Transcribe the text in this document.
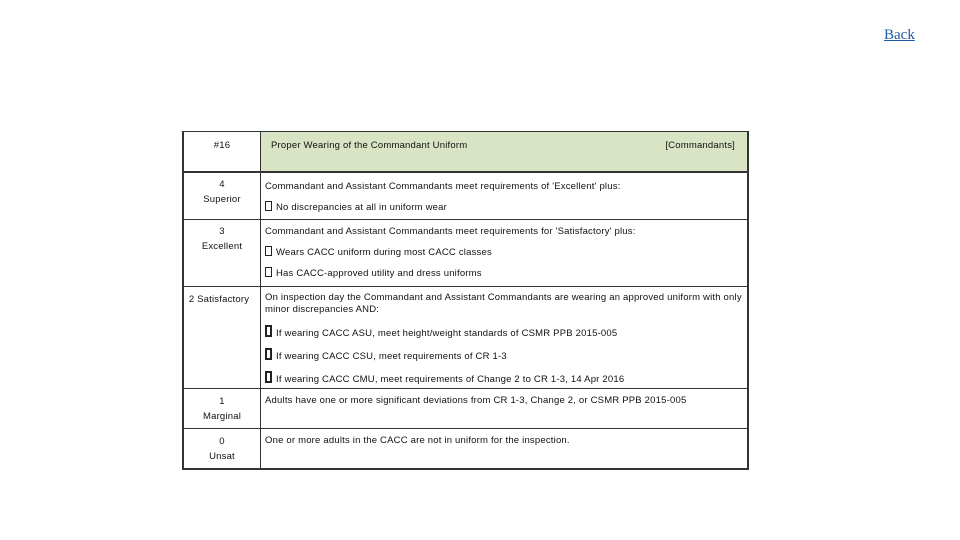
Back
#16	Proper Wearing of the Commandant Uniform [Commandants]

4
Superior	Commandant and Assistant Commandants meet requirements of 'Excellent' plus:
No discrepancies at all in uniform wear

3
Excellent	Commandant and Assistant Commandants meet requirements for 'Satisfactory' plus:
Wears CACC uniform during most CACC classes
Has CACC-approved utility and dress uniforms

2 Satisfactory	On inspection day the Commandant and Assistant Commandants are wearing an approved uniform with only minor discrepancies AND:
If wearing CACC ASU, meet height/weight standards of CSMR PPB 2015-005
If wearing CACC CSU, meet requirements of CR 1-3
If wearing CACC CMU, meet requirements of Change 2 to CR 1-3, 14 Apr 2016

1
Marginal	Adults have one or more significant deviations from CR 1-3, Change 2, or CSMR PPB 2015-005

0
Unsat	One or more adults in the CACC are not in uniform for the inspection.
